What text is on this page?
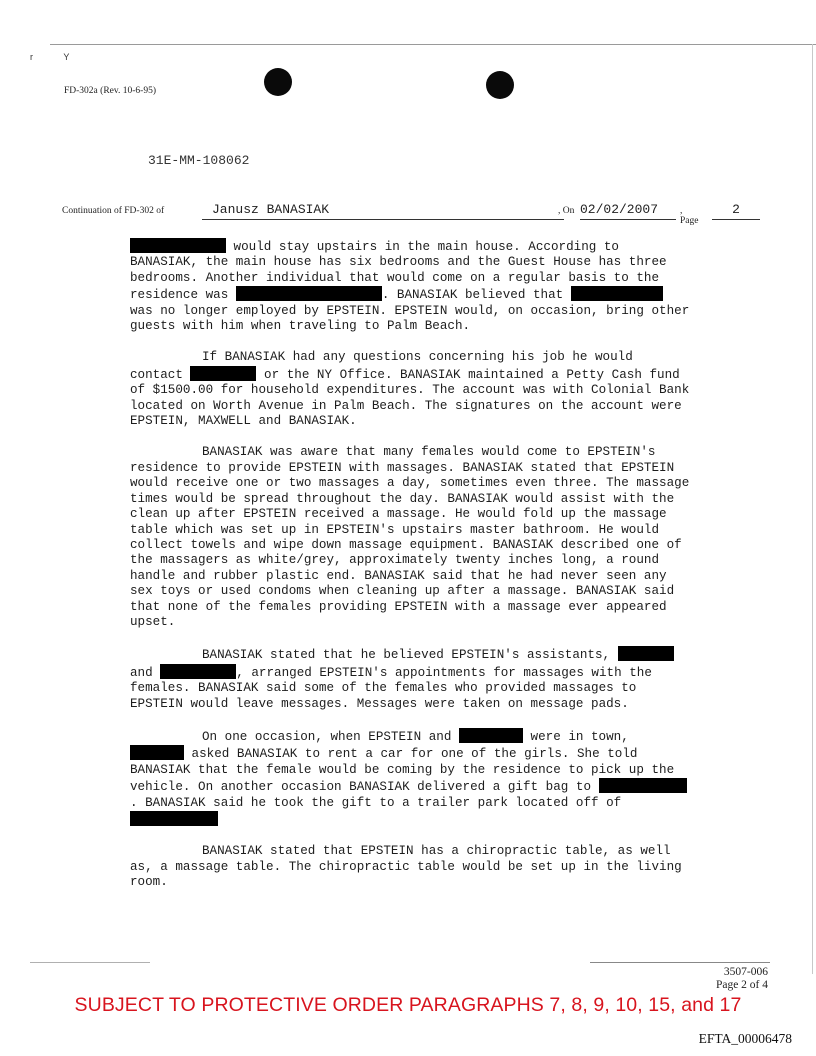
r Y
FD-302a (Rev. 10-6-95)
31E-MM-108062
Continuation of FD-302 of	Janusz BANASIAK	, On 02/02/2007	, Page
2

would stay upstairs in the main house. According to BANASIAK, the main house has six bedrooms and the Guest House has three bedrooms. Another individual that would come on a regular basis to the residence was	. BANASIAK believed that  was no longer employed by EPSTEIN. EPSTEIN would, on occasion, bring other guests with him when traveling to Palm Beach.

If BANASIAK had any questions concerning his job he would contact	or the NY Office. BANASIAK maintained a Petty Cash fund of $1500.00 for household expenditures. The account was with Colonial Bank located on Worth Avenue in Palm Beach. The signatures on the account were EPSTEIN, MAXWELL and BANASIAK.

BANASIAK was aware that many females would come to EPSTEIN's residence to provide EPSTEIN with massages. BANASIAK stated that EPSTEIN would receive one or two massages a day, sometimes even three. The massage times would be spread throughout the day. BANASIAK would assist with the clean up after EPSTEIN received a massage. He would fold up the massage table which was set up in EPSTEIN's upstairs master bathroom. He would collect towels and wipe down massage equipment. BANASIAK described one of the massagers as white/grey, approximately twenty inches long, a round handle and rubber plastic end. BANASIAK said that he had never seen any sex toys or used condoms when cleaning up after a massage. BANASIAK said that none of the females providing EPSTEIN with a massage ever appeared upset.

BANASIAK stated that he believed EPSTEIN's assistants,  and	, arranged EPSTEIN's appointments for massages with the females. BANASIAK said some of the females who provided massages to EPSTEIN would leave messages. Messages were taken on message pads.

On one occasion, when EPSTEIN and	were in town,  asked BANASIAK to rent a car for one of the girls. She told BANASIAK that the female would be coming by the residence to pick up the vehicle. On another occasion BANASIAK delivered a gift bag to . BANASIAK said he took the gift to a trailer park located off of

BANASIAK stated that EPSTEIN has a chiropractic table, as well as, a massage table. The chiropractic table would be set up in the living room.

3507-006
Page 2 of 4
SUBJECT TO PROTECTIVE ORDER PARAGRAPHS 7, 8, 9, 10, 15, and 17
EFTA_00006478
